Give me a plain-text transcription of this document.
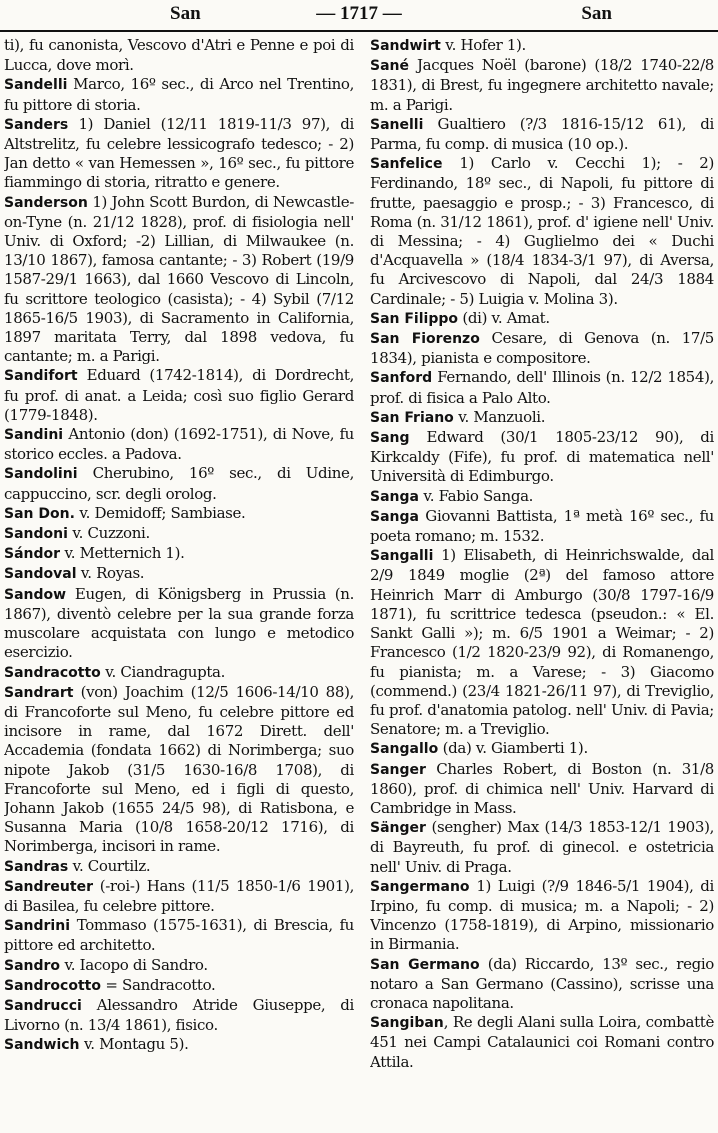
San	— 1717 —	San

ti), fu canonista, Vescovo d'Atri e Penne e poi di Lucca, dove morì.

Sandelli Marco, 16º sec., di Arco nel Trentino, fu pittore di storia.

Sanders 1) Daniel (12/11 1819-11/3 97), di Altstrelitz, fu celebre lessicografo tedesco; - 2) Jan detto « van Hemessen », 16º sec., fu pittore fiammingo di storia, ritratto e genere.

Sanderson 1) John Scott Burdon, di Newcastle-on-Tyne (n. 21/12 1828), prof. di fisiologia nell' Univ. di Oxford; -2) Lillian, di Milwaukee (n. 13/10 1867), famosa cantante; - 3) Robert (19/9 1587-29/1 1663), dal 1660 Vescovo di Lincoln, fu scrittore teologico (casista); - 4) Sybil (7/12 1865-16/5 1903), di Sacramento in California, 1897 maritata Terry, dal 1898 vedova, fu cantante; m. a Parigi.

Sandifort Eduard (1742-1814), di Dordrecht, fu prof. di anat. a Leida; così suo figlio Gerard (1779-1848).

Sandini Antonio (don) (1692-1751), di Nove, fu storico eccles. a Padova.

Sandolini Cherubino, 16º sec., di Udine, cappuccino, scr. degli orolog.

San Don. v. Demidoff; Sambiase.

Sandoni v. Cuzzoni.

Sándor v. Metternich 1).

Sandoval v. Royas.

Sandow Eugen, di Königsberg in Prussia (n. 1867), diventò celebre per la sua grande forza muscolare acquistata con lungo e metodico esercizio.

Sandracotto v. Ciandragupta.

Sandrart (von) Joachim (12/5 1606-14/10 88), di Francoforte sul Meno, fu celebre pittore ed incisore in rame, dal 1672 Dirett. dell' Accademia (fondata 1662) di Norimberga; suo nipote Jakob (31/5 1630-16/8 1708), di Francoforte sul Meno, ed i figli di questo, Johann Jakob (1655 24/5 98), di Ratisbona, e Susanna Maria (10/8 1658-20/12 1716), di Norimberga, incisori in rame.

Sandras v. Courtilz.

Sandreuter (-roi-) Hans (11/5 1850-1/6 1901), di Basilea, fu celebre pittore.

Sandrini Tommaso (1575-1631), di Brescia, fu pittore ed architetto.

Sandro v. Iacopo di Sandro.

Sandrocotto = Sandracotto.

Sandrucci Alessandro Atride Giuseppe, di Livorno (n. 13/4 1861), fisico.

Sandwich v. Montagu 5).

Sandwirt v. Hofer 1).

Sané Jacques Noël (barone) (18/2 1740-22/8 1831), di Brest, fu ingegnere architetto navale; m. a Parigi.

Sanelli Gualtiero (?/3 1816-15/12 61), di Parma, fu comp. di musica (10 op.).

Sanfelice 1) Carlo v. Cecchi 1); - 2) Ferdinando, 18º sec., di Napoli, fu pittore di frutte, paesaggio e prosp.; - 3) Francesco, di Roma (n. 31/12 1861), prof. d' igiene nell' Univ. di Messina; - 4) Guglielmo dei « Duchi d'Acquavella » (18/4 1834-3/1 97), di Aversa, fu Arcivescovo di Napoli, dal 24/3 1884 Cardinale; - 5) Luigia v. Molina 3).

San Filippo (di) v. Amat.

San Fiorenzo Cesare, di Genova (n. 17/5 1834), pianista e compositore.

Sanford Fernando, dell' Illinois (n. 12/2 1854), prof. di fisica a Palo Alto.

San Friano v. Manzuoli.

Sang Edward (30/1 1805-23/12 90), di Kirkcaldy (Fife), fu prof. di matematica nell' Università di Edimburgo.

Sanga v. Fabio Sanga.

Sanga Giovanni Battista, 1ª metà 16º sec., fu poeta romano; m. 1532.

Sangalli 1) Elisabeth, di Heinrichswalde, dal 2/9 1849 moglie (2ª) del famoso attore Heinrich Marr di Amburgo (30/8 1797-16/9 1871), fu scrittrice tedesca (pseudon.: « El. Sankt Galli »); m. 6/5 1901 a Weimar; - 2) Francesco (1/2 1820-23/9 92), di Romanengo, fu pianista; m. a Varese; - 3) Giacomo (commend.) (23/4 1821-26/11 97), di Treviglio, fu prof. d'anatomia patolog. nell' Univ. di Pavia; Senatore; m. a Treviglio.

Sangallo (da) v. Giamberti 1).

Sanger Charles Robert, di Boston (n. 31/8 1860), prof. di chimica nell' Univ. Harvard di Cambridge in Mass.

Sänger (sengher) Max (14/3 1853-12/1 1903), di Bayreuth, fu prof. di ginecol. e ostetricia nell' Univ. di Praga.

Sangermano 1) Luigi (?/9 1846-5/1 1904), di Irpino, fu comp. di musica; m. a Napoli; - 2) Vincenzo (1758-1819), di Arpino, missionario in Birmania.

San Germano (da) Riccardo, 13º sec., regio notaro a San Germano (Cassino), scrisse una cronaca napolitana.

Sangiban, Re degli Alani sulla Loira, combattè 451 nei Campi Catalaunici coi Romani contro Attila.
